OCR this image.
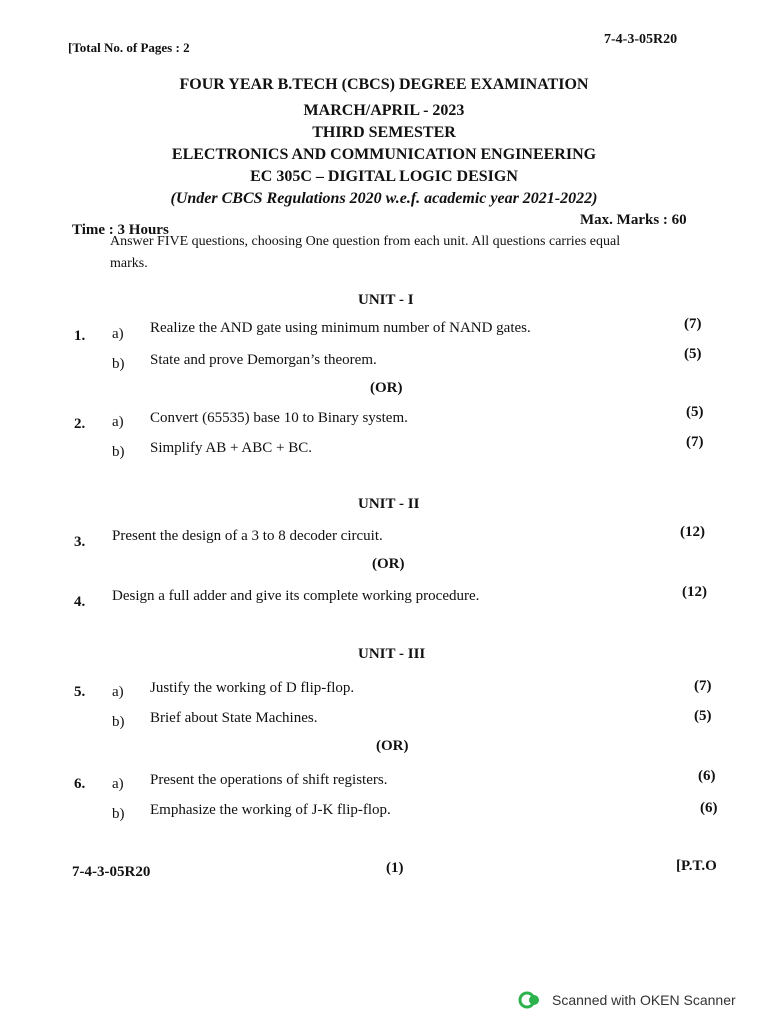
[Total No. of Pages : 2
7-4-3-05R20
FOUR YEAR B.TECH (CBCS) DEGREE EXAMINATION
MARCH/APRIL - 2023
THIRD SEMESTER
ELECTRONICS AND COMMUNICATION ENGINEERING
EC 305C – DIGITAL LOGIC DESIGN
(Under CBCS Regulations 2020 w.e.f. academic year 2021-2022)
Time : 3 Hours
Max. Marks : 60
Answer FIVE questions, choosing One question from each unit. All questions carries equal
marks.
UNIT - I
1. a) Realize the AND gate using minimum number of NAND gates.	(7)
b) State and prove Demorgan’s theorem.	(5)
(OR)
2. a) Convert (65535) base 10 to Binary system.	(5)
b) Simplify AB + ABC + BC.	(7)
UNIT - II
3. Present the design of a 3 to 8 decoder circuit.	(12)
(OR)
4. Design a full adder and give its complete working procedure.	(12)
UNIT - III
5. a) Justify the working of D flip-flop.	(7)
b) Brief about State Machines.	(5)
(OR)
6. a) Present the operations of shift registers.	(6)
b) Emphasize the working of J-K flip-flop.	(6)
7-4-3-05R20	(1)	[P.T.O
Scanned with OKEN Scanner
